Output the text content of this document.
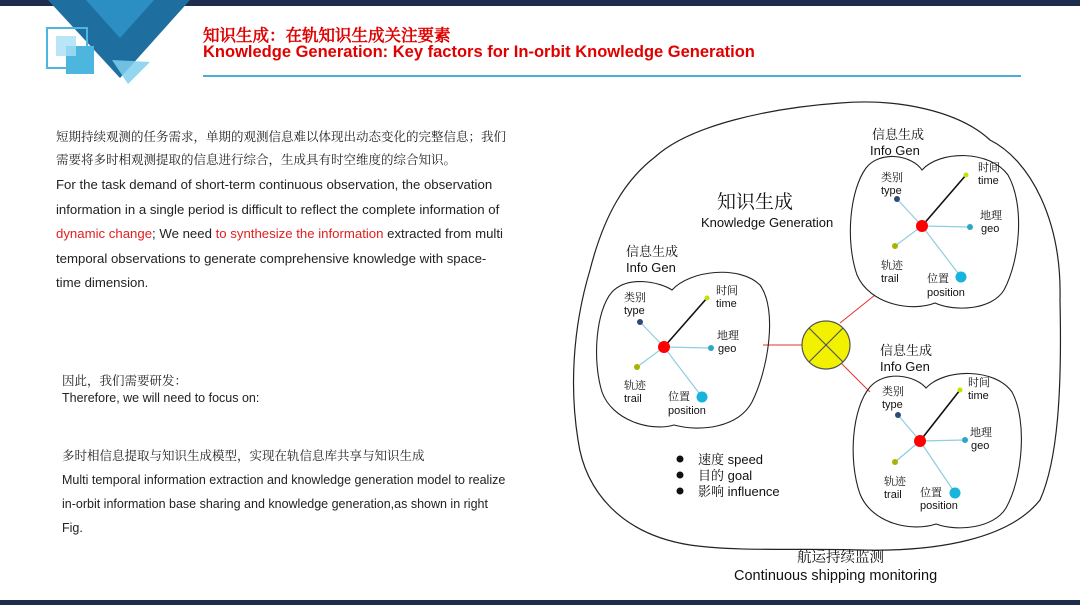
知识生成：在轨知识生成关注要素
Knowledge Generation: Key factors for In-orbit Knowledge Generation
短期持续观测的任务需求，单期的观测信息难以体现出动态变化的完整信息；我们需要将多时相观测提取的信息进行综合，生成具有时空维度的综合知识。
For the task demand of short-term continuous observation, the observation information in a single period is difficult to reflect the complete information of dynamic change; We need to synthesize the information extracted from multi temporal observations to generate comprehensive knowledge with space-time dimension.
因此，我们需要研发：
Therefore, we will need to focus on:
多时相信息提取与知识生成模型，实现在轨信息库共享与知识生成
Multi temporal information extraction and knowledge generation model to realize in-orbit information base sharing and knowledge generation,as shown in right Fig.
知识生成
Knowledge Generation
信息生成
Info Gen
类别
type
时间
time
地理
geo
轨迹
trail 位置
position
信息生成
Info Gen
类别
type
时间
time
地理
geo
轨迹
trail	位置
position
信息生成
Info Gen
类别
type
时间
time
地理
geo
轨迹
trail 位置
position
速度 speed
目的 goal
影响 influence
航运持续监测
Continuous shipping monitoring
